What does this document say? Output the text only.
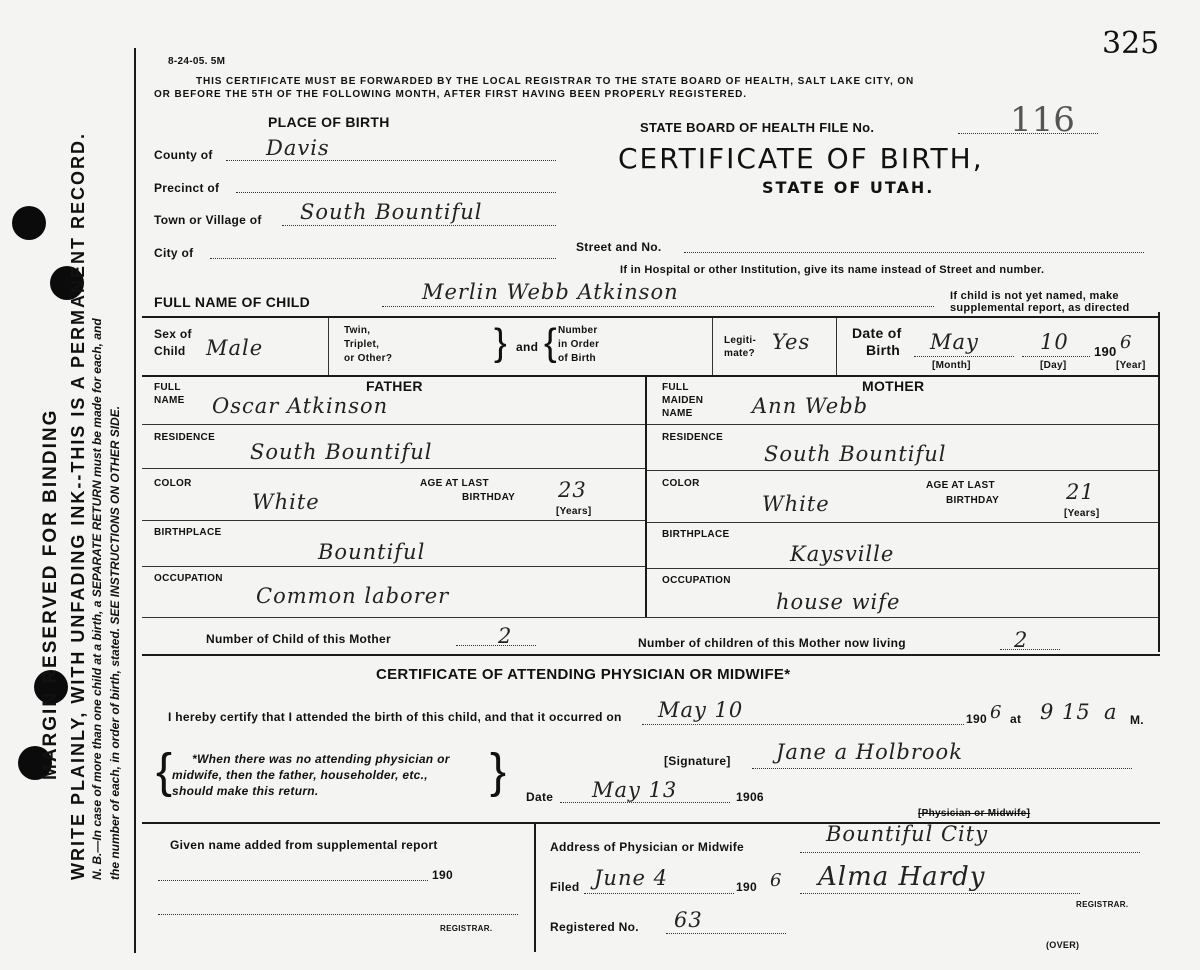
MARGIN RESERVED FOR BINDING WRITE PLAINLY, WITH UNFADING INK--THIS IS A PERMANENT RECORD. N. B.—In case of more than one child at a birth, a SEPARATE RETURN must be made for each, and the number of each, in order of birth, stated. SEE INSTRUCTIONS ON OTHER SIDE.
8-24-05. 5M
325
THIS CERTIFICATE MUST BE FORWARDED BY THE LOCAL REGISTRAR TO THE STATE BOARD OF HEALTH, SALT LAKE CITY, ON
OR BEFORE THE 5TH OF THE FOLLOWING MONTH, AFTER FIRST HAVING BEEN PROPERLY REGISTERED.
PLACE OF BIRTH	STATE BOARD OF HEALTH FILE No.	116
CERTIFICATE OF BIRTH,
STATE OF UTAH.
County of	Davis
Precinct of
Town or Village of South Bountiful
City of	Street and No.
If in Hospital or other Institution, give its name instead of Street and number.
FULL NAME OF CHILD	Merlin Webb Atkinson	If child is not yet named, make
supplemental report, as directed
Sex of
Child Male
Twin,
Triplet,
or Other?	} and { Number
in Order
of Birth
Legiti-
mate? Yes	Date of
Birth May	10 190 6
[Month]	[Day]	[Year]
FATHER
FULL
NAME Oscar Atkinson
RESIDENCE
South Bountiful
COLOR
White
AGE AT LAST
BIRTHDAY 23
[Years]
BIRTHPLACE
Bountiful
OCCUPATION
Common laborer
MOTHER
FULL
MAIDEN
NAME	Ann Webb
RESIDENCE
South Bountiful
COLOR
White
AGE AT LAST
BIRTHDAY	21
[Years]
BIRTHPLACE
Kaysville
OCCUPATION
house wife
Number of Child of this Mother	2	Number of children of this Mother now living	2
CERTIFICATE OF ATTENDING PHYSICIAN OR MIDWIFE*
I hereby certify that I attended the birth of this child, and that it occurred on May 10	190 6 at 9 15 a M.
{ *When there was no attending physician or
midwife, then the father, householder, etc.,
should make this return.	}	[Signature] Jane a Holbrook
Date May 13	1906
[Physician or Midwife]
Given name added from supplemental report
190
REGISTRAR.
Address of Physician or Midwife
Bountiful City
Filed June 4	190 6 Alma Hardy
REGISTRAR.
Registered No. 63
(OVER)
